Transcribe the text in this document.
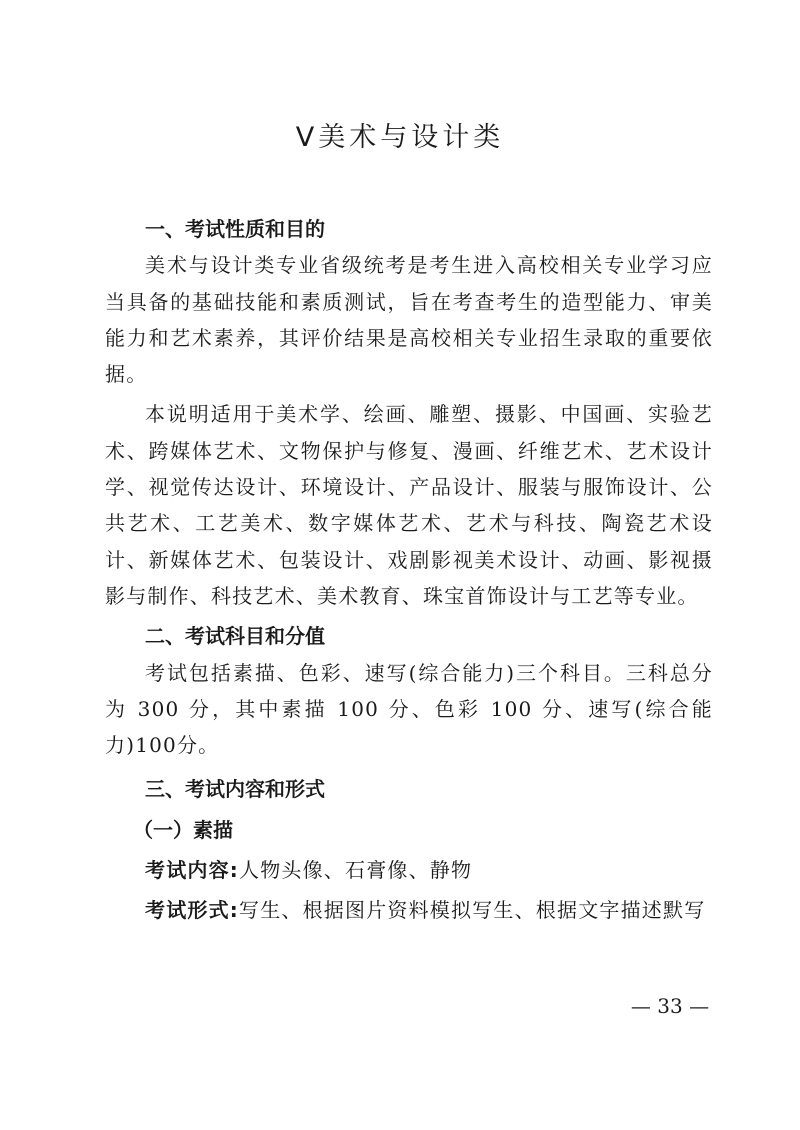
Ⅴ美术与设计类
一、考试性质和目的

美术与设计类专业省级统考是考生进入高校相关专业学习应当具备的基础技能和素质测试，旨在考查考生的造型能力、审美能力和艺术素养，其评价结果是高校相关专业招生录取的重要依据。

本说明适用于美术学、绘画、雕塑、摄影、中国画、实验艺术、跨媒体艺术、文物保护与修复、漫画、纤维艺术、艺术设计学、视觉传达设计、环境设计、产品设计、服装与服饰设计、公共艺术、工艺美术、数字媒体艺术、艺术与科技、陶瓷艺术设计、新媒体艺术、包装设计、戏剧影视美术设计、动画、影视摄影与制作、科技艺术、美术教育、珠宝首饰设计与工艺等专业。

二、考试科目和分值

考试包括素描、色彩、速写(综合能力)三个科目。三科总分为 300 分，其中素描 100 分、色彩 100 分、速写(综合能力)100分。

三、考试内容和形式
（一）素描

考试内容:人物头像、石膏像、静物

考试形式:写生、根据图片资料模拟写生、根据文字描述默写

— 33 —
